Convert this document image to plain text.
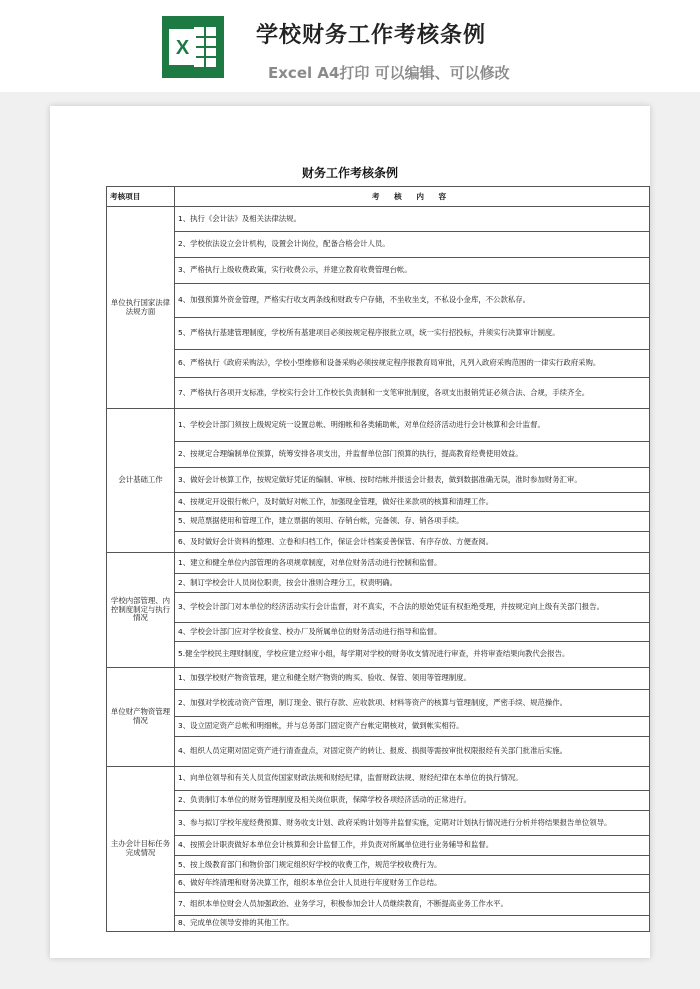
X	学校财务工作考核条例
Excel A4打印 可以编辑、可以修改
财务工作考核条例
考核项目	考 核 内 容
单位执行国家法律法规方面	1、执行《会计法》及相关法律法规。
	2、学校依法设立会计机构，设置会计岗位，配备合格会计人员。
	3、严格执行上级收费政策，实行收费公示，并建立教育收费管理台帐。
	4、加强预算外资金管理，严格实行收支两条线和财政专户存储，不坐收坐支，不私设小金库，不公款私存。
	5、严格执行基建管理制度，学校所有基建项目必须按规定程序报批立项，统一实行招投标，并须实行决算审计制度。
	6、严格执行《政府采购法》，学校小型维修和设备采购必须按规定程序报教育局审批，凡列入政府采购范围的一律实行政府采购。
	7、严格执行各项开支标准，学校实行会计工作校长负责制和一支笔审批制度，各项支出报销凭证必须合法、合规，手续齐全。
会计基础工作	1、学校会计部门须按上级规定统一设置总帐、明细帐和各类辅助帐，对单位经济活动进行会计核算和会计监督。
	2、按规定合理编制单位预算，统筹安排各项支出，并监督单位部门预算的执行，提高教育经费使用效益。
	3、做好会计核算工作，按规定做好凭证的编制、审核、按时结帐并报送会计报表，做到数据准确无误，准时参加财务汇审。
	4、按规定开设银行帐户，及时做好对帐工作，加强现金管理，做好往来款项的核算和清理工作。
	5、规范票据使用和管理工作，建立票据的领用、存销台帐，完备领、存、销各项手续。
	6、及时做好会计资料的整理、立卷和归档工作，保证会计档案妥善保管、有序存放、方便查阅。
学校内部管理、内控制度制定与执行情况	1、建立和健全单位内部管理的各项规章制度，对单位财务活动进行控制和监督。
	2、制订学校会计人员岗位职责，按会计准则合理分工，权责明确。
	3、学校会计部门对本单位的经济活动实行会计监督，对不真实，不合法的原始凭证有权拒绝受理，并按规定向上级有关部门报告。
	4、学校会计部门应对学校食堂、校办厂及所属单位的财务活动进行指导和监督。
	5.健全学校民主理财制度，学校应建立经审小组，每学期对学校的财务收支情况进行审查，并将审查结果向教代会报告。
单位财产物资管理情况	1、加强学校财产物资管理，建立和健全财产物资的购买、验收、保管、领用等管理制度。
	2、加强对学校流动资产管理，制订现金、银行存款、应收款项、材料等资产的核算与管理制度，严密手续、规范操作。
	3、设立固定资产总帐和明细帐，并与总务部门固定资产台帐定期核对，做到帐实相符。
	4、组织人员定期对固定资产进行清查盘点，对固定资产的转让、报废、损损等需按审批权限报经有关部门批准后实施。
主办会计目标任务完成情况	1、向单位领导和有关人员宣传国家财政法规和财经纪律，监督财政法规、财经纪律在本单位的执行情况。
	2、负责制订本单位的财务管理制度及相关岗位职责，保障学校各项经济活动的正常进行。
	3、参与拟订学校年度经费预算、财务收支计划、政府采购计划等并监督实施，定期对计划执行情况进行分析并将结果报告单位领导。
	4、按照会计职责做好本单位会计核算和会计监督工作，并负责对所属单位进行业务辅导和监督。
	5、按上级教育部门和物价部门规定组织好学校的收费工作，规范学校收费行为。
	6、做好年终清理和财务决算工作，组织本单位会计人员进行年度财务工作总结。
	7、组织本单位财会人员加强政治、业务学习，积极参加会计人员继续教育，不断提高业务工作水平。
	8、完成单位领导安排的其他工作。
